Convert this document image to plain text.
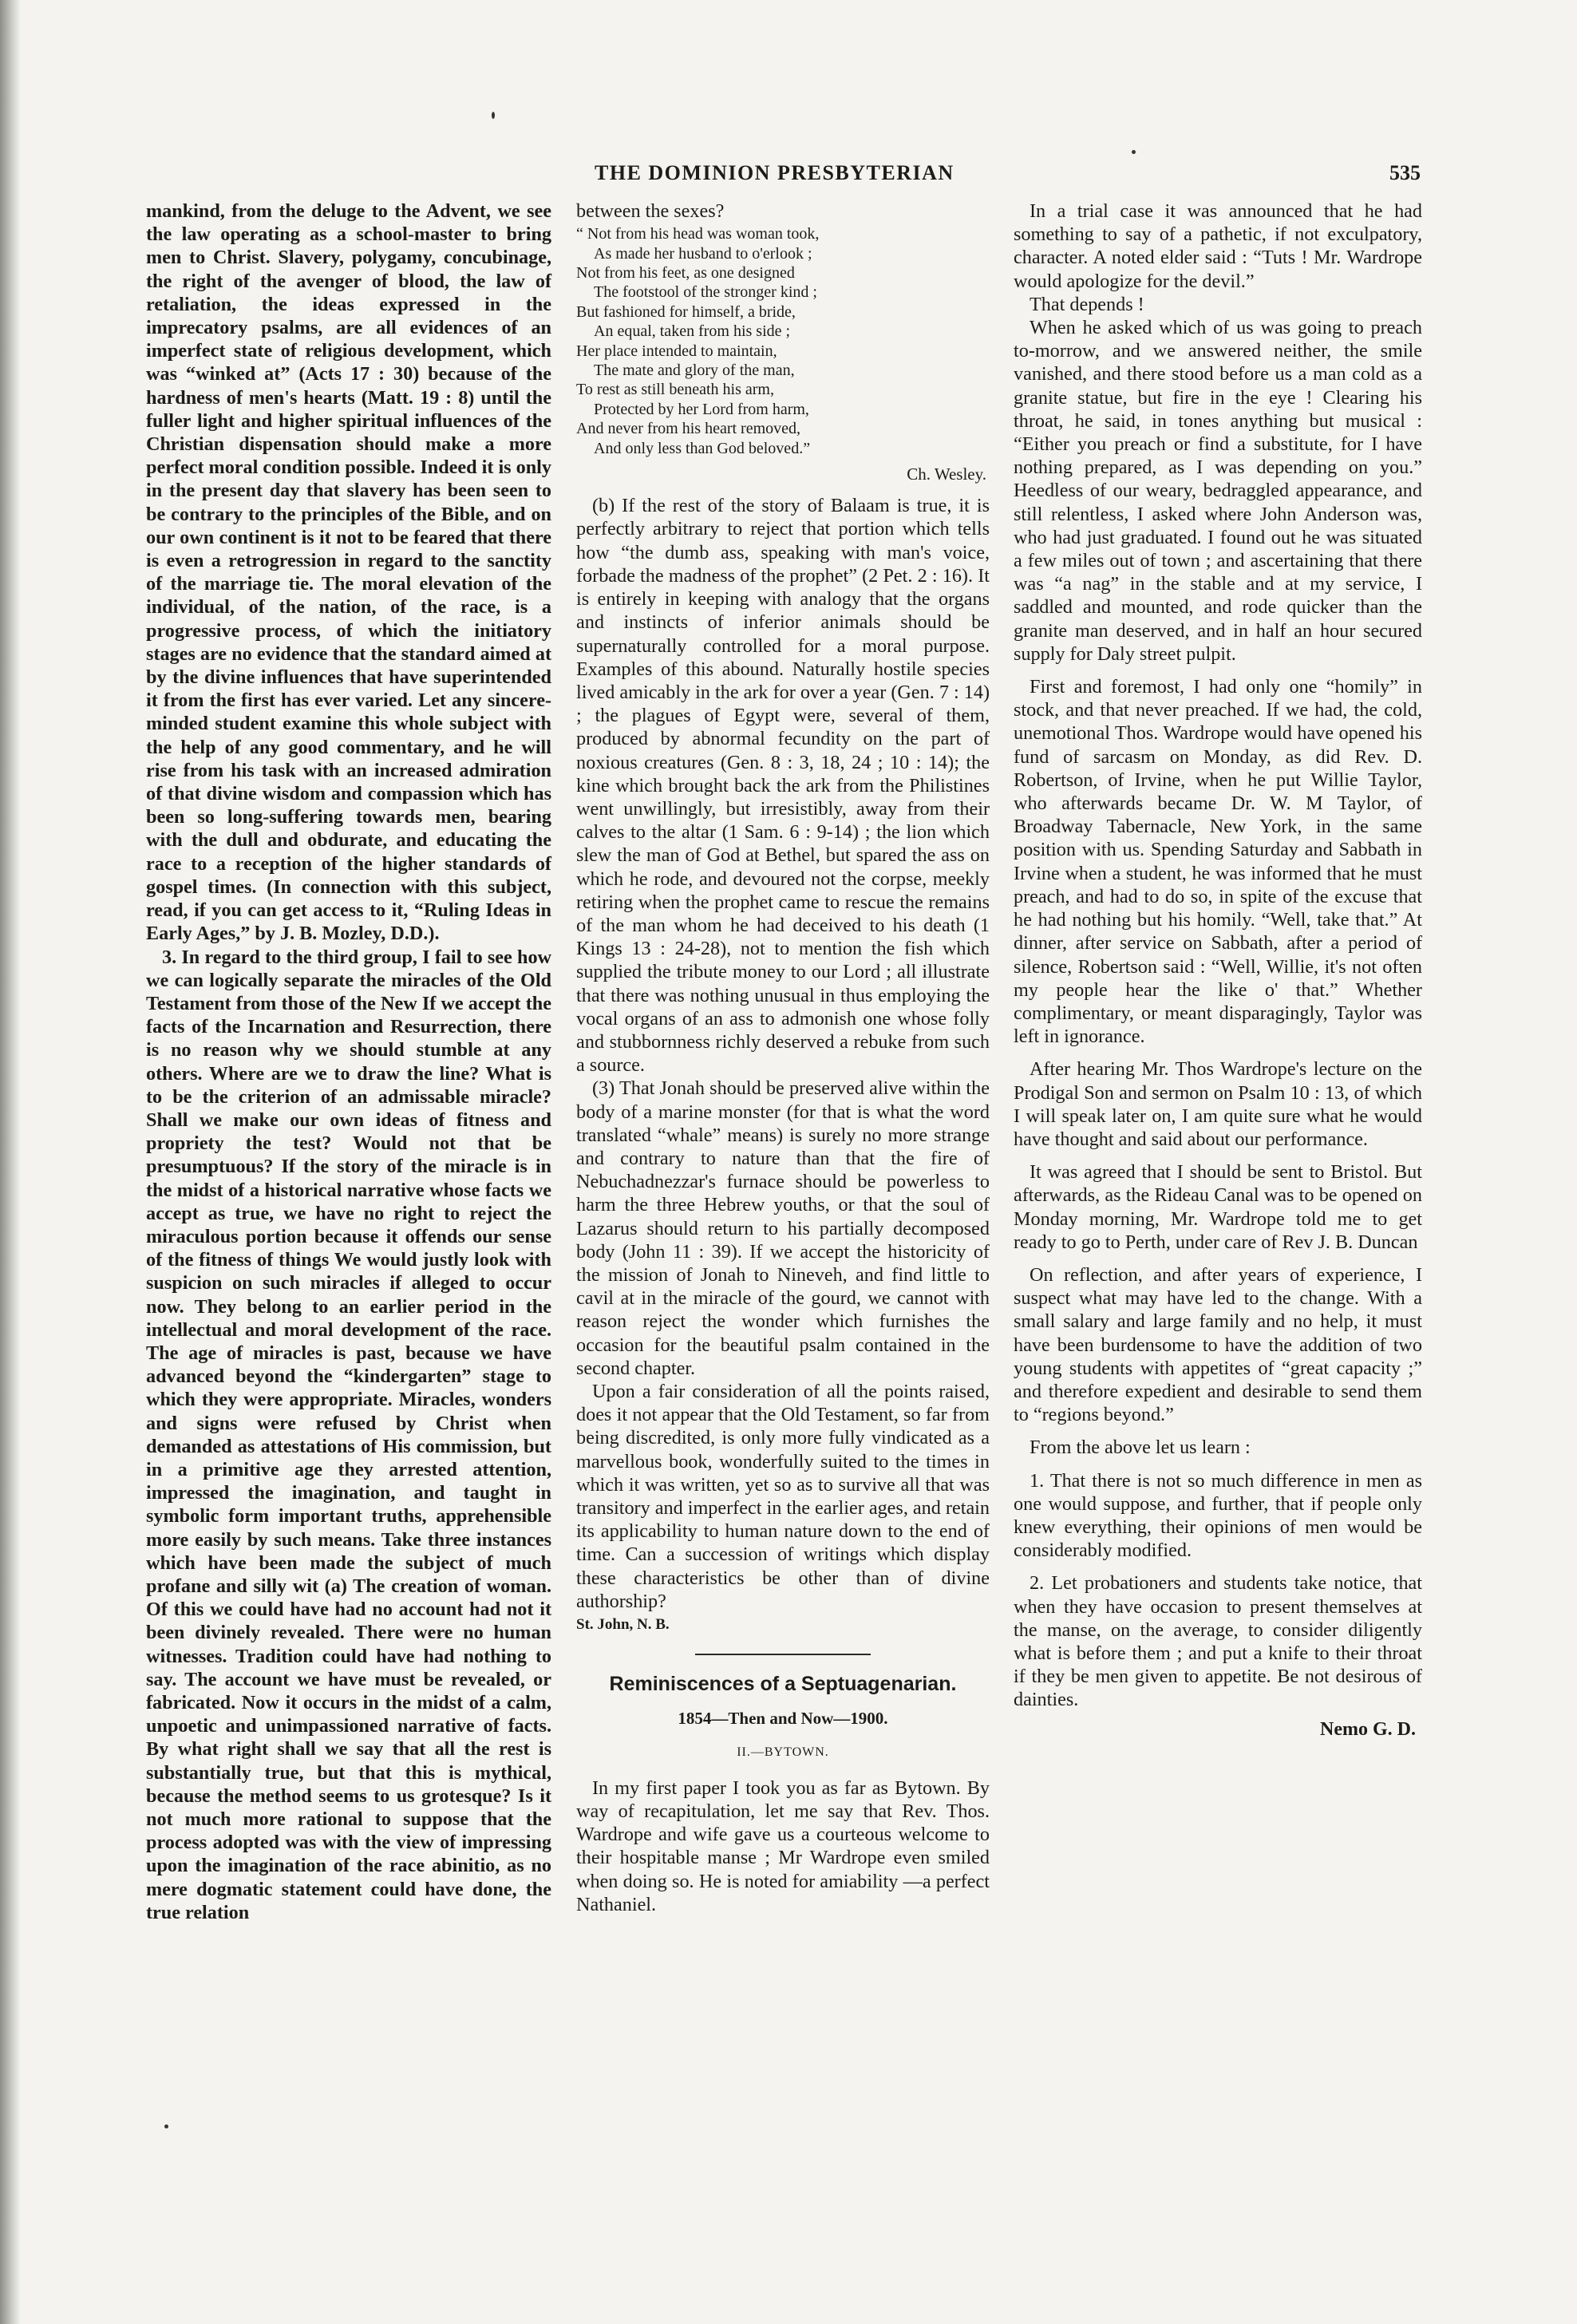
THE DOMINION PRESBYTERIAN	535

mankind, from the deluge to the Advent, we see the law operating as a school-master to bring men to Christ. Slavery, polygamy, concubinage, the right of the avenger of blood, the law of retaliation, the ideas expressed in the imprecatory psalms, are all evidences of an imperfect state of religious development, which was “winked at” (Acts 17 : 30) because of the hardness of men's hearts (Matt. 19 : 8) until the fuller light and higher spiritual influences of the Christian dispensation should make a more perfect moral condition possible. Indeed it is only in the present day that slavery has been seen to be contrary to the principles of the Bible, and on our own continent is it not to be feared that there is even a retrogression in regard to the sanctity of the marriage tie. The moral elevation of the individual, of the nation, of the race, is a progressive process, of which the initiatory stages are no evidence that the standard aimed at by the divine influences that have superintended it from the first has ever varied. Let any sincere-minded student examine this whole subject with the help of any good commentary, and he will rise from his task with an increased admiration of that divine wisdom and compassion which has been so long-suffering towards men, bearing with the dull and obdurate, and educating the race to a reception of the higher standards of gospel times. (In connection with this subject, read, if you can get access to it, “Ruling Ideas in Early Ages,” by J. B. Mozley, D.D.).

3. In regard to the third group, I fail to see how we can logically separate the miracles of the Old Testament from those of the New If we accept the facts of the Incarnation and Resurrection, there is no reason why we should stumble at any others. Where are we to draw the line? What is to be the criterion of an admissable miracle? Shall we make our own ideas of fitness and propriety the test? Would not that be presumptuous? If the story of the miracle is in the midst of a historical narrative whose facts we accept as true, we have no right to reject the miraculous portion because it offends our sense of the fitness of things We would justly look with suspicion on such miracles if alleged to occur now. They belong to an earlier period in the intellectual and moral development of the race. The age of miracles is past, because we have advanced beyond the “kindergarten” stage to which they were appropriate. Miracles, wonders and signs were refused by Christ when demanded as attestations of His commission, but in a primitive age they arrested attention, impressed the imagination, and taught in symbolic form important truths, apprehensible more easily by such means. Take three instances which have been made the subject of much profane and silly wit (a) The creation of woman. Of this we could have had no account had not it been divinely revealed. There were no human witnesses. Tradition could have had nothing to say. The account we have must be revealed, or fabricated. Now it occurs in the midst of a calm, unpoetic and unimpassioned narrative of facts. By what right shall we say that all the rest is substantially true, but that this is mythical, because the method seems to us grotesque? Is it not much more rational to suppose that the process adopted was with the view of impressing upon the imagination of the race abinitio, as no mere dogmatic statement could have done, the true relation

between the sexes?

“ Not from his head was woman took,
As made her husband to o'erlook ;
Not from his feet, as one designed
The footstool of the stronger kind ;
But fashioned for himself, a bride,
An equal, taken from his side ;
Her place intended to maintain,
The mate and glory of the man,
To rest as still beneath his arm,
Protected by her Lord from harm,
And never from his heart removed,
And only less than God beloved.”
Ch. Wesley.

(b) If the rest of the story of Balaam is true, it is perfectly arbitrary to reject that portion which tells how “the dumb ass, speaking with man's voice, forbade the madness of the prophet” (2 Pet. 2 : 16). It is entirely in keeping with analogy that the organs and instincts of inferior animals should be supernaturally controlled for a moral purpose. Examples of this abound. Naturally hostile species lived amicably in the ark for over a year (Gen. 7 : 14) ; the plagues of Egypt were, several of them, produced by abnormal fecundity on the part of noxious creatures (Gen. 8 : 3, 18, 24 ; 10 : 14); the kine which brought back the ark from the Philistines went unwillingly, but irresistibly, away from their calves to the altar (1 Sam. 6 : 9-14) ; the lion which slew the man of God at Bethel, but spared the ass on which he rode, and devoured not the corpse, meekly retiring when the prophet came to rescue the remains of the man whom he had deceived to his death (1 Kings 13 : 24-28), not to mention the fish which supplied the tribute money to our Lord ; all illustrate that there was nothing unusual in thus employing the vocal organs of an ass to admonish one whose folly and stubbornness richly deserved a rebuke from such a source.

(3) That Jonah should be preserved alive within the body of a marine monster (for that is what the word translated “whale” means) is surely no more strange and contrary to nature than that the fire of Nebuchadnezzar's furnace should be powerless to harm the three Hebrew youths, or that the soul of Lazarus should return to his partially decomposed body (John 11 : 39). If we accept the historicity of the mission of Jonah to Nineveh, and find little to cavil at in the miracle of the gourd, we cannot with reason reject the wonder which furnishes the occasion for the beautiful psalm contained in the second chapter.

Upon a fair consideration of all the points raised, does it not appear that the Old Testament, so far from being discredited, is only more fully vindicated as a marvellous book, wonderfully suited to the times in which it was written, yet so as to survive all that was transitory and imperfect in the earlier ages, and retain its applicability to human nature down to the end of time. Can a succession of writings which display these characteristics be other than of divine authorship?

St. John, N. B.

Reminiscences of a Septuagenarian.
1854—Then and Now—1900.
II.—BYTOWN.

In my first paper I took you as far as Bytown. By way of recapitulation, let me say that Rev. Thos. Wardrope and wife gave us a courteous welcome to their hospitable manse ; Mr Wardrope even smiled when doing so. He is noted for amiability —a perfect Nathaniel.

In a trial case it was announced that he had something to say of a pathetic, if not exculpatory, character. A noted elder said : “Tuts ! Mr. Wardrope would apologize for the devil.”

That depends !

When he asked which of us was going to preach to-morrow, and we answered neither, the smile vanished, and there stood before us a man cold as a granite statue, but fire in the eye ! Clearing his throat, he said, in tones anything but musical : “Either you preach or find a substitute, for I have nothing prepared, as I was depending on you.” Heedless of our weary, bedraggled appearance, and still relentless, I asked where John Anderson was, who had just graduated. I found out he was situated a few miles out of town ; and ascertaining that there was “a nag” in the stable and at my service, I saddled and mounted, and rode quicker than the granite man deserved, and in half an hour secured supply for Daly street pulpit.

First and foremost, I had only one “homily” in stock, and that never preached. If we had, the cold, unemotional Thos. Wardrope would have opened his fund of sarcasm on Monday, as did Rev. D. Robertson, of Irvine, when he put Willie Taylor, who afterwards became Dr. W. M Taylor, of Broadway Tabernacle, New York, in the same position with us. Spending Saturday and Sabbath in Irvine when a student, he was informed that he must preach, and had to do so, in spite of the excuse that he had nothing but his homily. “Well, take that.” At dinner, after service on Sabbath, after a period of silence, Robertson said : “Well, Willie, it's not often my people hear the like o' that.” Whether complimentary, or meant disparagingly, Taylor was left in ignorance.

After hearing Mr. Thos Wardrope's lecture on the Prodigal Son and sermon on Psalm 10 : 13, of which I will speak later on, I am quite sure what he would have thought and said about our performance.

It was agreed that I should be sent to Bristol. But afterwards, as the Rideau Canal was to be opened on Monday morning, Mr. Wardrope told me to get ready to go to Perth, under care of Rev J. B. Duncan

On reflection, and after years of experience, I suspect what may have led to the change. With a small salary and large family and no help, it must have been burdensome to have the addition of two young students with appetites of “great capacity ;” and therefore expedient and desirable to send them to “regions beyond.”

From the above let us learn :

1. That there is not so much difference in men as one would suppose, and further, that if people only knew everything, their opinions of men would be considerably modified.

2. Let probationers and students take notice, that when they have occasion to present themselves at the manse, on the average, to consider diligently what is before them ; and put a knife to their throat if they be men given to appetite. Be not desirous of dainties.

Nemo G. D.
